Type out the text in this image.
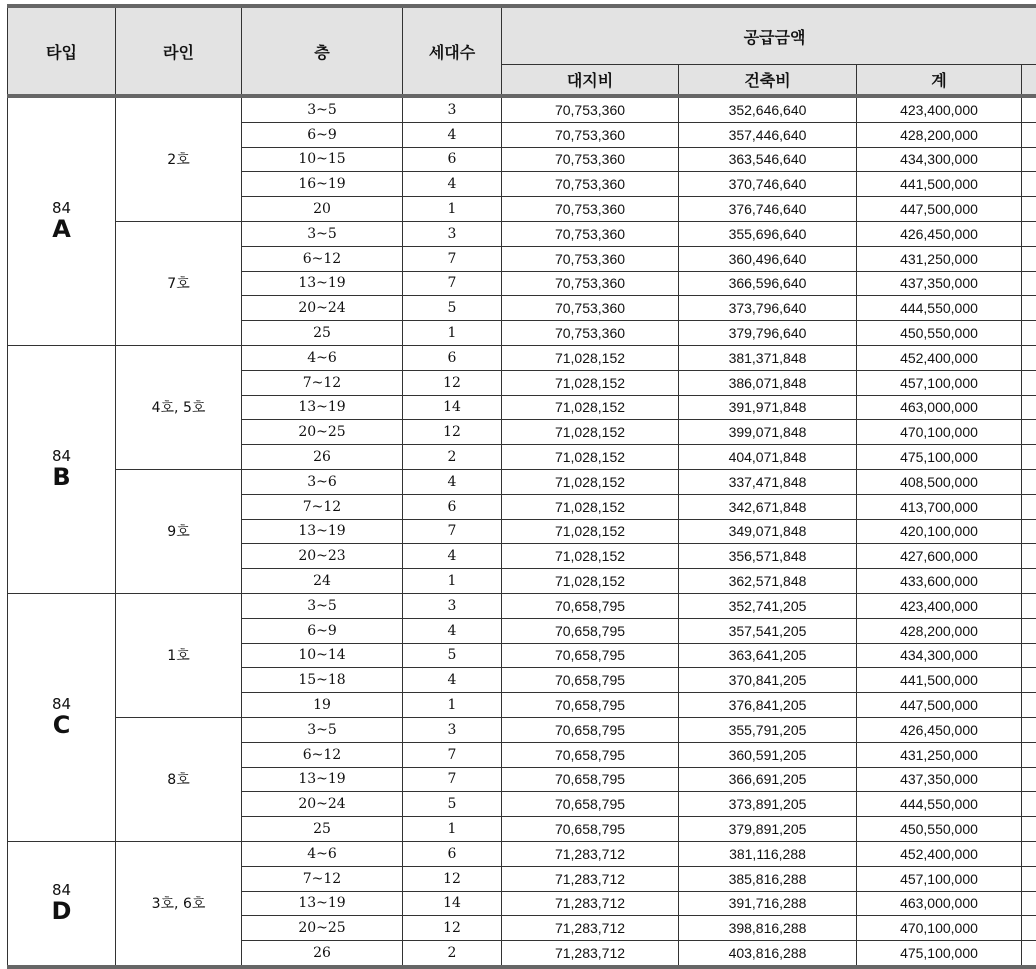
타입	라인	층	세대수	공급금액			
				대지비	건축비	계	

84
A	2호	3~5	3	70,753,360	352,646,640	423,400,000	
		6~9	4	70,753,360	357,446,640	428,200,000	
		10~15	6	70,753,360	363,546,640	434,300,000	
		16~19	4	70,753,360	370,746,640	441,500,000	
		20	1	70,753,360	376,746,640	447,500,000	
	7호	3~5	3	70,753,360	355,696,640	426,450,000	
		6~12	7	70,753,360	360,496,640	431,250,000	
		13~19	7	70,753,360	366,596,640	437,350,000	
		20~24	5	70,753,360	373,796,640	444,550,000	
		25	1	70,753,360	379,796,640	450,550,000	

84
B	4호, 5호	4~6	6	71,028,152	381,371,848	452,400,000	
		7~12	12	71,028,152	386,071,848	457,100,000	
		13~19	14	71,028,152	391,971,848	463,000,000	
		20~25	12	71,028,152	399,071,848	470,100,000	
		26	2	71,028,152	404,071,848	475,100,000	
	9호	3~6	4	71,028,152	337,471,848	408,500,000	
		7~12	6	71,028,152	342,671,848	413,700,000	
		13~19	7	71,028,152	349,071,848	420,100,000	
		20~23	4	71,028,152	356,571,848	427,600,000	
		24	1	71,028,152	362,571,848	433,600,000	

84
C	1호	3~5	3	70,658,795	352,741,205	423,400,000	
		6~9	4	70,658,795	357,541,205	428,200,000	
		10~14	5	70,658,795	363,641,205	434,300,000	
		15~18	4	70,658,795	370,841,205	441,500,000	
		19	1	70,658,795	376,841,205	447,500,000	
	8호	3~5	3	70,658,795	355,791,205	426,450,000	
		6~12	7	70,658,795	360,591,205	431,250,000	
		13~19	7	70,658,795	366,691,205	437,350,000	
		20~24	5	70,658,795	373,891,205	444,550,000	
		25	1	70,658,795	379,891,205	450,550,000	

84
D	3호, 6호	4~6	6	71,283,712	381,116,288	452,400,000	
		7~12	12	71,283,712	385,816,288	457,100,000	
		13~19	14	71,283,712	391,716,288	463,000,000	
		20~25	12	71,283,712	398,816,288	470,100,000	
		26	2	71,283,712	403,816,288	475,100,000	
